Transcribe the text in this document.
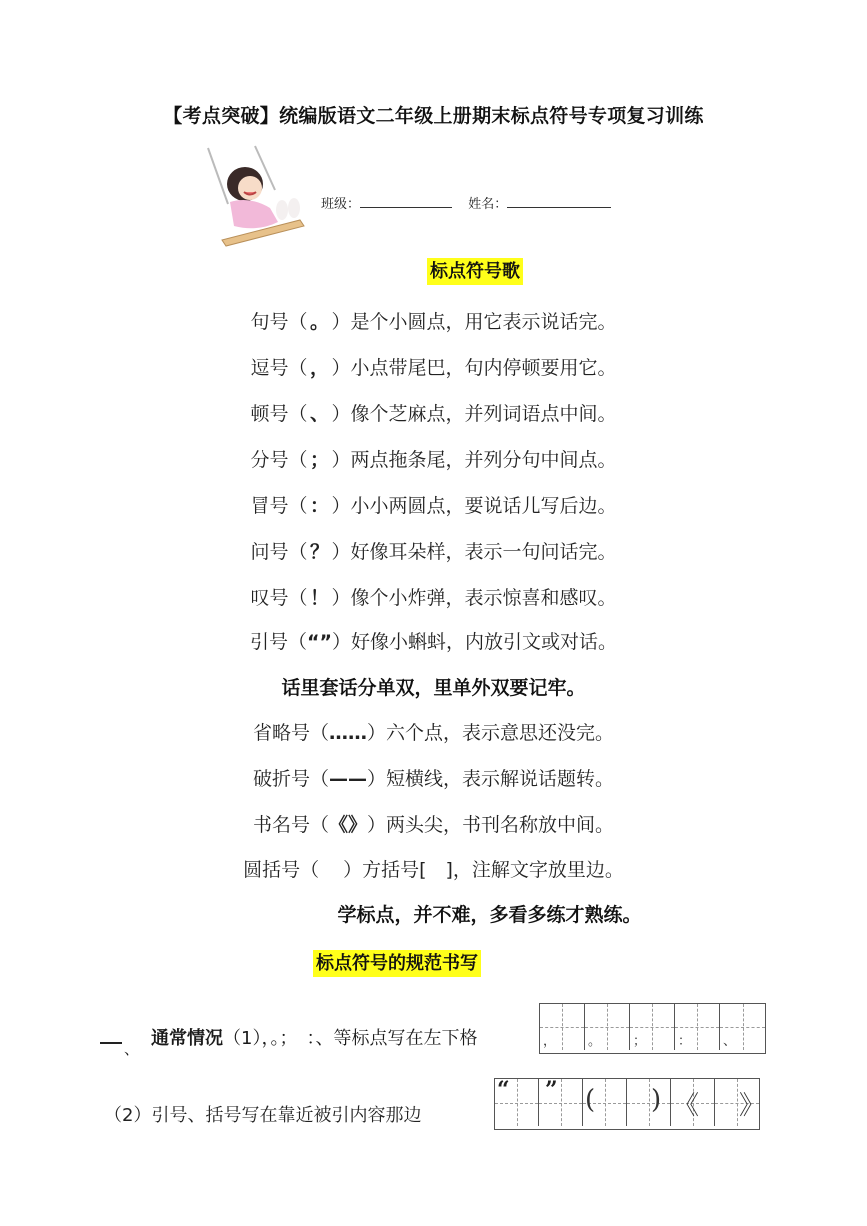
【考点突破】统编版语文二年级上册期末标点符号专项复习训练
班级：	姓名：
标点符号歌
句号（ 。 ）是个小圆点，用它表示说话完。
逗号（ ， ）小点带尾巴，句内停顿要用它。
顿号（ 、 ）像个芝麻点，并列词语点中间。
分号（ ； ）两点拖条尾，并列分句中间点。
冒号（ ： ）小小两圆点，要说话儿写后边。
问号（ ？ ）好像耳朵样，表示一句问话完。
叹号（ ！ ）像个小炸弹，表示惊喜和感叹。
引号（“”）好像小蝌蚪，内放引文或对话。
话里套话分单双，里单外双要记牢。
省略号（……）六个点，表示意思还没完。
破折号（——）短横线，表示解说话题转。
书名号（《》）两头尖，书刊名称放中间。
圆括号（ ）方括号[　]，注解文字放里边。
学标点，并不难，多看多练才熟练。
标点符号的规范书写
$_、$ 通常情况（1），。；　：、等标点写在左下格	， 。 ； ： 、
（2）引号、括号写在靠近被引内容那边
“ ” ( ) 《 》
